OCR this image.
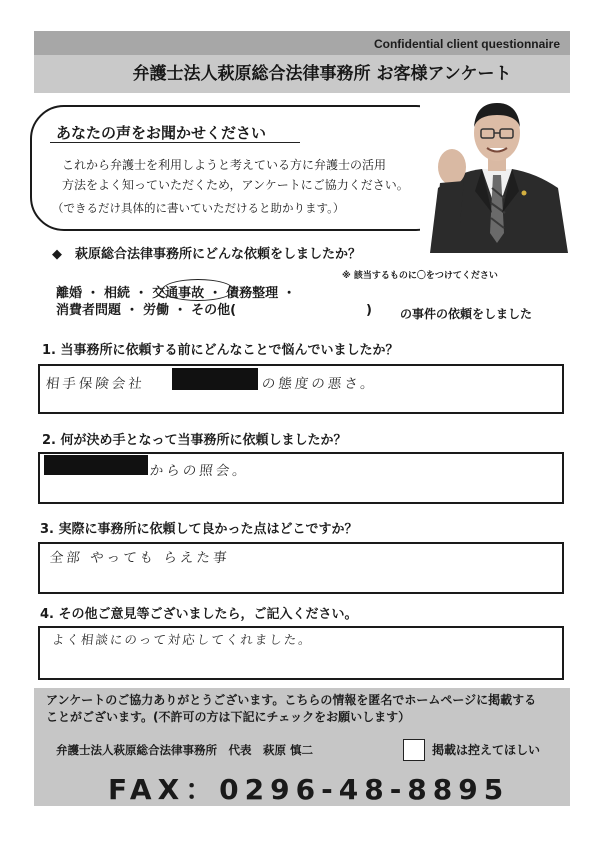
Confidential client questionnaire
弁護士法人萩原総合法律事務所 お客様アンケート
あなたの声をお聞かせください
これから弁護士を利用しようと考えている方に弁護士の活用
方法をよく知っていただくため，アンケートにご協力ください。
（できるだけ具体的に書いていただけると助かります。）
◆　萩原総合法律事務所にどんな依頼をしましたか？
※ 該当するものに〇をつけてください
離婚 ・ 相続 ・ 交通事故 ・ 債務整理 ・
消費者問題 ・ 労働 ・ その他(　　　　　　　　　　) の事件の依頼をしました
1. 当事務所に依頼する前にどんなことで悩んでいましたか？
相手保険会社	の態度の悪さ。
2. 何が決め手となって当事務所に依頼しましたか？
からの照会。
3. 実際に事務所に依頼して良かった点はどこですか？
全部 やっても らえた事
4. その他ご意見等ございましたら，ご記入ください。
よく相談にのって対応してくれました。
アンケートのご協力ありがとうございます。こちらの情報を匿名でホームページに掲載する
ことがございます。(不許可の方は下記にチェックをお願いします）
弁護士法人萩原総合法律事務所　代表　萩原 慎二	掲載は控えてほしい
FAX：0296-48-8895
